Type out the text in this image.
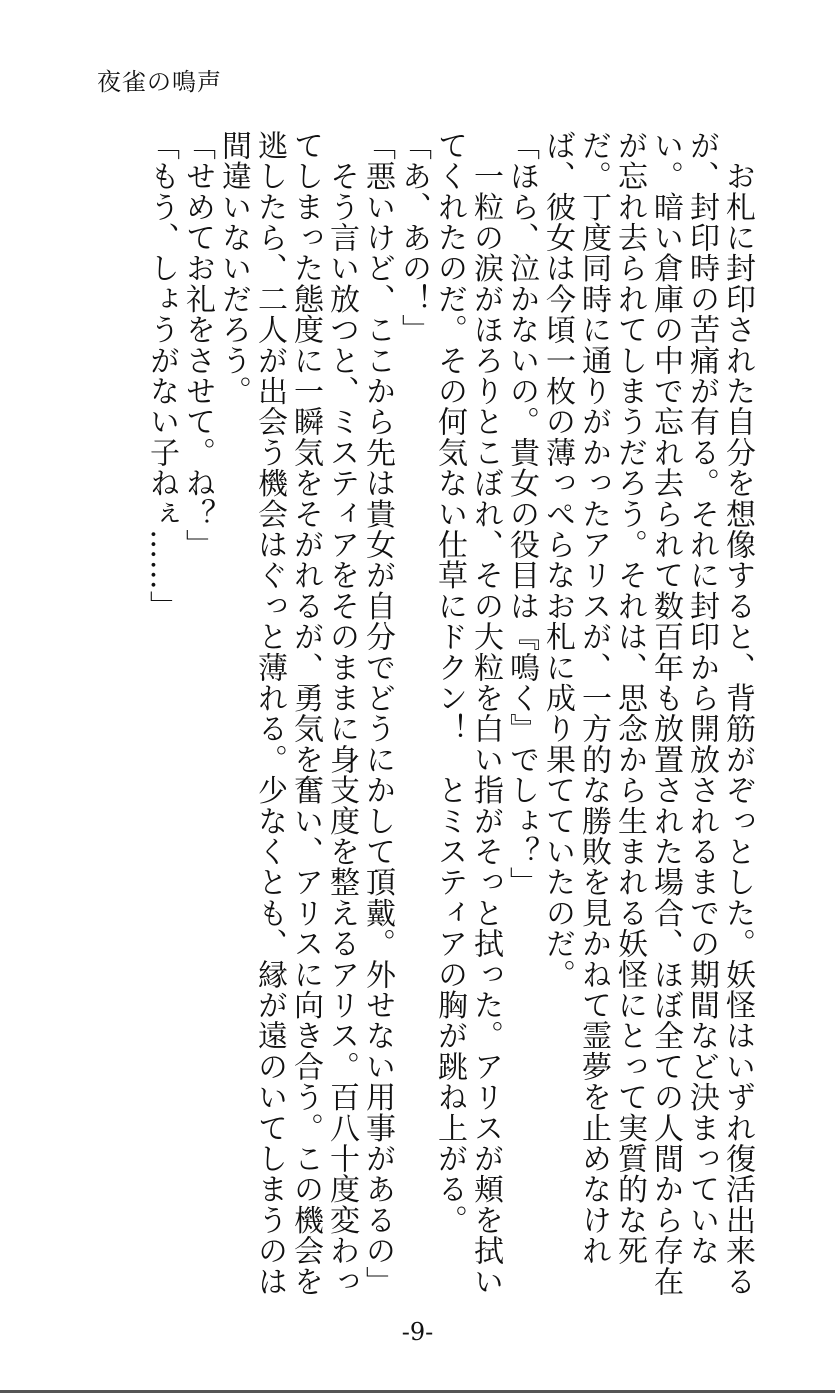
夜雀の鳴声

　お札に封印された自分を想像すると、背筋がぞっとした。妖怪はいずれ復活出来るが、封印時の苦痛が有る。それに封印から開放されるまでの期間など決まっていない。暗い倉庫の中で忘れ去られて数百年も放置された場合、ほぼ全ての人間から存在が忘れ去られてしまうだろう。それは、思念から生まれる妖怪にとって実質的な死だ。丁度同時に通りがかったアリスが、一方的な勝敗を見かねて霊夢を止めなければ、彼女は今頃一枚の薄っぺらなお札に成り果てていたのだ。

「ほら、泣かないの。貴女の役目は『鳴く』でしょ？」

　一粒の涙がほろりとこぼれ、その大粒を白い指がそっと拭った。アリスが頬を拭いてくれたのだ。その何気ない仕草にドクン！　とミスティアの胸が跳ね上がる。

「あ、あの！」

「悪いけど、ここから先は貴女が自分でどうにかして頂戴。外せない用事があるの」

　そう言い放つと、ミスティアをそのままに身支度を整えるアリス。百八十度変わってしまった態度に一瞬気をそがれるが、勇気を奮い、アリスに向き合う。この機会を逃したら、二人が出会う機会はぐっと薄れる。少なくとも、縁が遠のいてしまうのは間違いないだろう。

「せめてお礼をさせて。ね？」

「もう、しょうがない子ねぇ……」

-9-
